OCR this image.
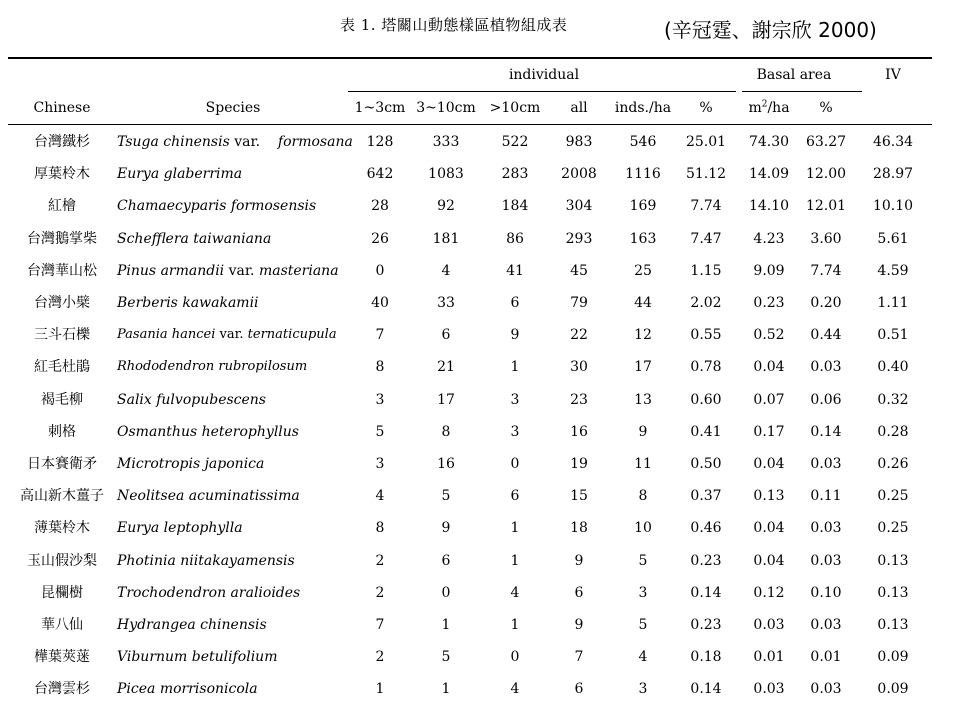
表 1. 塔關山動態樣區植物組成表	(辛冠霆、謝宗欣 2000)
individual	Basal area	IV
Chinese	Species	1~3cm 3~10cm >10cm all inds./ha %	$m^2/ha$ %
台灣鐵杉 Tsuga chinensis var.    formosana 128	333	522	983	546 25.01 74.30 63.27 46.34
厚葉柃木 Eurya glaberrima	642 1083	283 2008 1116 51.12 14.09 12.00 28.97
紅檜	Chamaecyparis formosensis	28	92	184	304	169 7.74 14.10 12.01 10.10
台灣鵝掌柴 Schefflera taiwaniana	26	181	86	293	163 7.47 4.23 3.60	5.61
台灣華山松 Pinus armandii var. masteriana	0	4	41	45	25	1.15 9.09 7.74	4.59
台灣小檗 Berberis kawakamii	40	33	6	79	44	2.02 0.23 0.20	1.11
三斗石櫟 Pasania hancei var. ternaticupula	7	6	9	22	12	0.55 0.52 0.44	0.51
紅毛杜鵑 Rhododendron rubropilosum	8	21	1	30	17	0.78 0.04 0.03	0.40
褐毛柳 Salix fulvopubescens	3	17	3	23	13	0.60 0.07 0.06	0.32
刺格	Osmanthus heterophyllus	5	8	3	16	9	0.41 0.17 0.14	0.28
日本賽衛矛 Microtropis japonica	3	16	0	19	11	0.50 0.04 0.03	0.26
高山新木薑子 Neolitsea acuminatissima	4	5	6	15	8	0.37 0.13 0.11	0.25
薄葉柃木 Eurya leptophylla	8	9	1	18	10	0.46 0.04 0.03	0.25
玉山假沙梨 Photinia niitakayamensis	2	6	1	9	5	0.23 0.04 0.03	0.13
昆欄樹 Trochodendron aralioides	2	0	4	6	3	0.14 0.12 0.10	0.13
華八仙 Hydrangea chinensis	7	1	1	9	5	0.23 0.03 0.03	0.13
樺葉莢蒾 Viburnum betulifolium	2	5	0	7	4	0.18 0.01 0.01	0.09
台灣雲杉 Picea morrisonicola	1	1	4	6	3	0.14 0.03 0.03	0.09
